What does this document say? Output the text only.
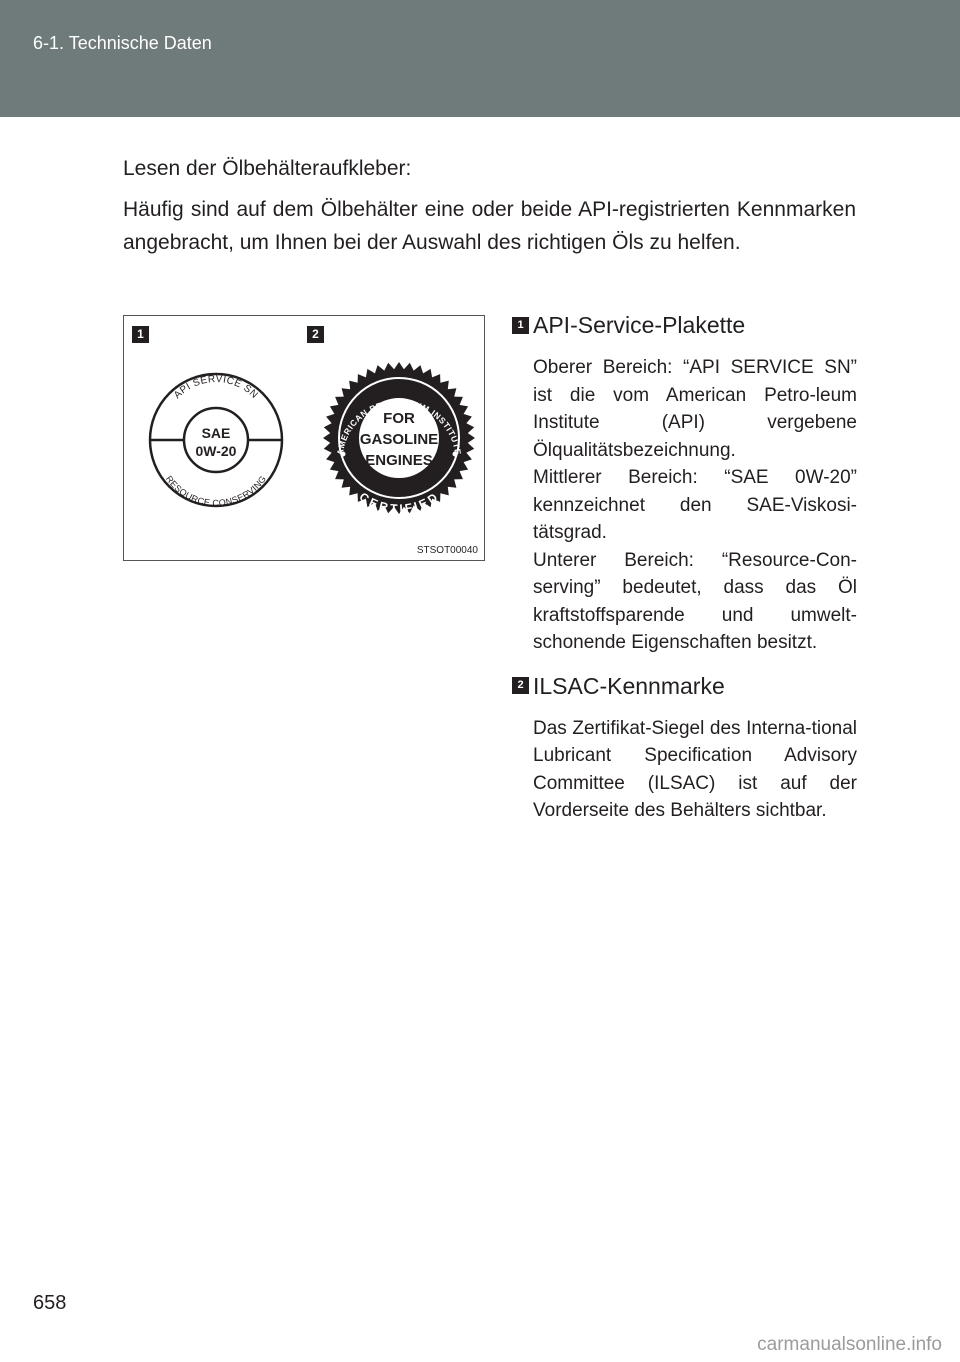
6-1. Technische Daten

Lesen der Ölbehälteraufkleber:

Häufig sind auf dem Ölbehälter eine oder beide API-registrierten Kennmarken angebracht, um Ihnen bei der Auswahl des richtigen Öls zu helfen.

API SERVICE SN
RESOURCE CONSERVING
SAE
0W-20	AMERICAN PETROLEUM INSTITUTE
CERTIFIED
FOR
GASOLINE
ENGINES
1	2
STSOT00040
1 API-Service-Plakette

Oberer Bereich: “API SERVICE SN” ist die vom American Petro-leum Institute (API) vergebene Ölqualitätsbezeichnung.

Mittlerer Bereich: “SAE 0W-20” kennzeichnet den SAE-Viskosi-tätsgrad.

Unterer Bereich: “Resource-Con-serving” bedeutet, dass das Öl kraftstoffsparende und umwelt-schonende Eigenschaften besitzt.

2 ILSAC-Kennmarke

Das Zertifikat-Siegel des Interna-tional Lubricant Specification Advisory Committee (ILSAC) ist auf der Vorderseite des Behälters sichtbar.

658
carmanualsonline.info
